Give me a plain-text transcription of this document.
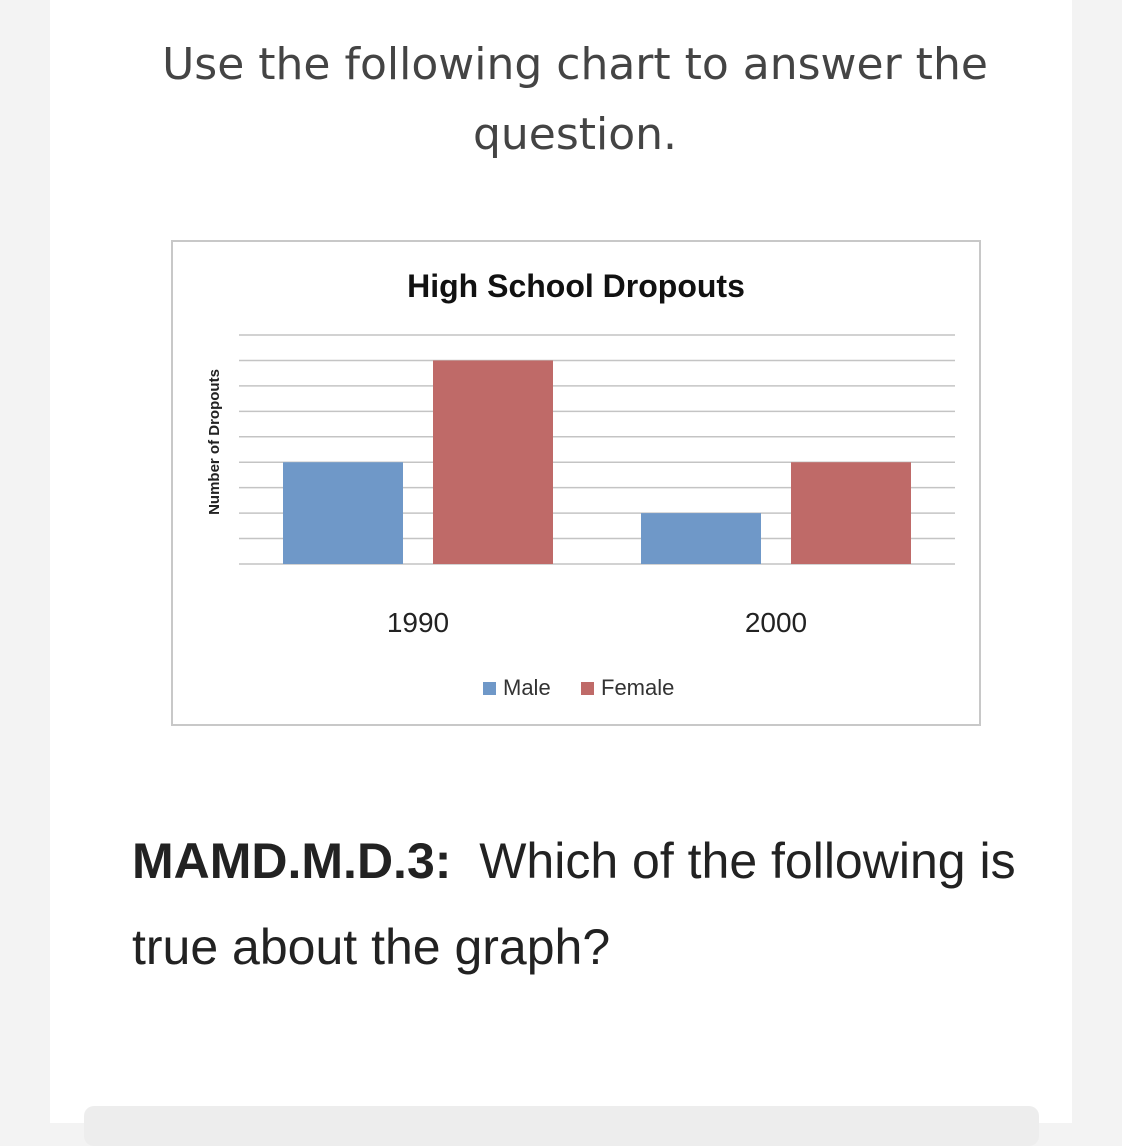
Use the following chart to answer the question.
High School Dropouts
Number of Dropouts
1990	2000
Male Female
MAMD.M.D.3: Which of the following is true about the graph?
